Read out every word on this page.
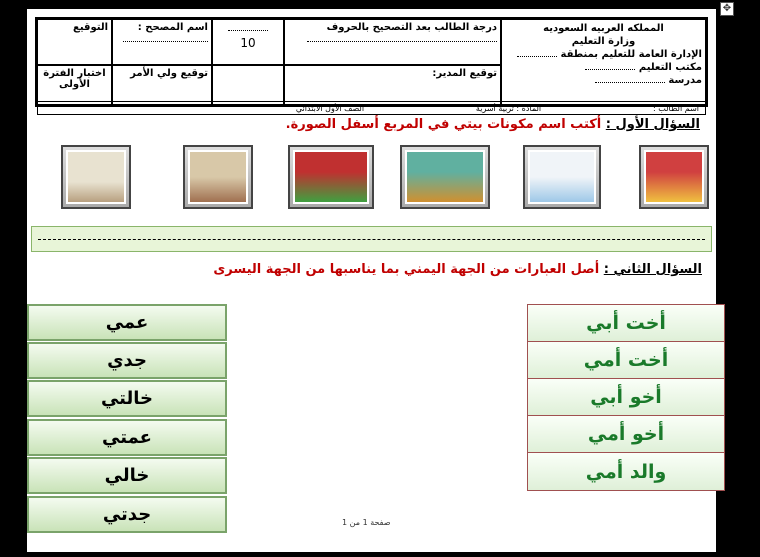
✥
المملكه العربيه السعوديه
وزارة التعليم
الإدارة العامة للتعليم بمنطقة
مكتب التعليم
مدرسة
درجة الطالب بعد التصحيح بالحروف
توقيع المدير:
10
اسم المصحح :
توقيع ولي الأمر
التوقيع
اختبار الفترة الأولى
اسم الطالب :
المادة : تربية أسرية
الصف الأول الابتدائي
السؤال الأول : أكتب اسم مكونات بيتي في المربع أسفل الصورة.
السؤال الثاني : أصل العبارات من الجهة اليمني بما يناسبها من الجهة اليسرى
أخت أبي
أخت أمي
أخو أبي
أخو أمي
والد أمي
عمي
جدي
خالتي
عمتي
خالي
جدتي	صفحة 1 من 1
